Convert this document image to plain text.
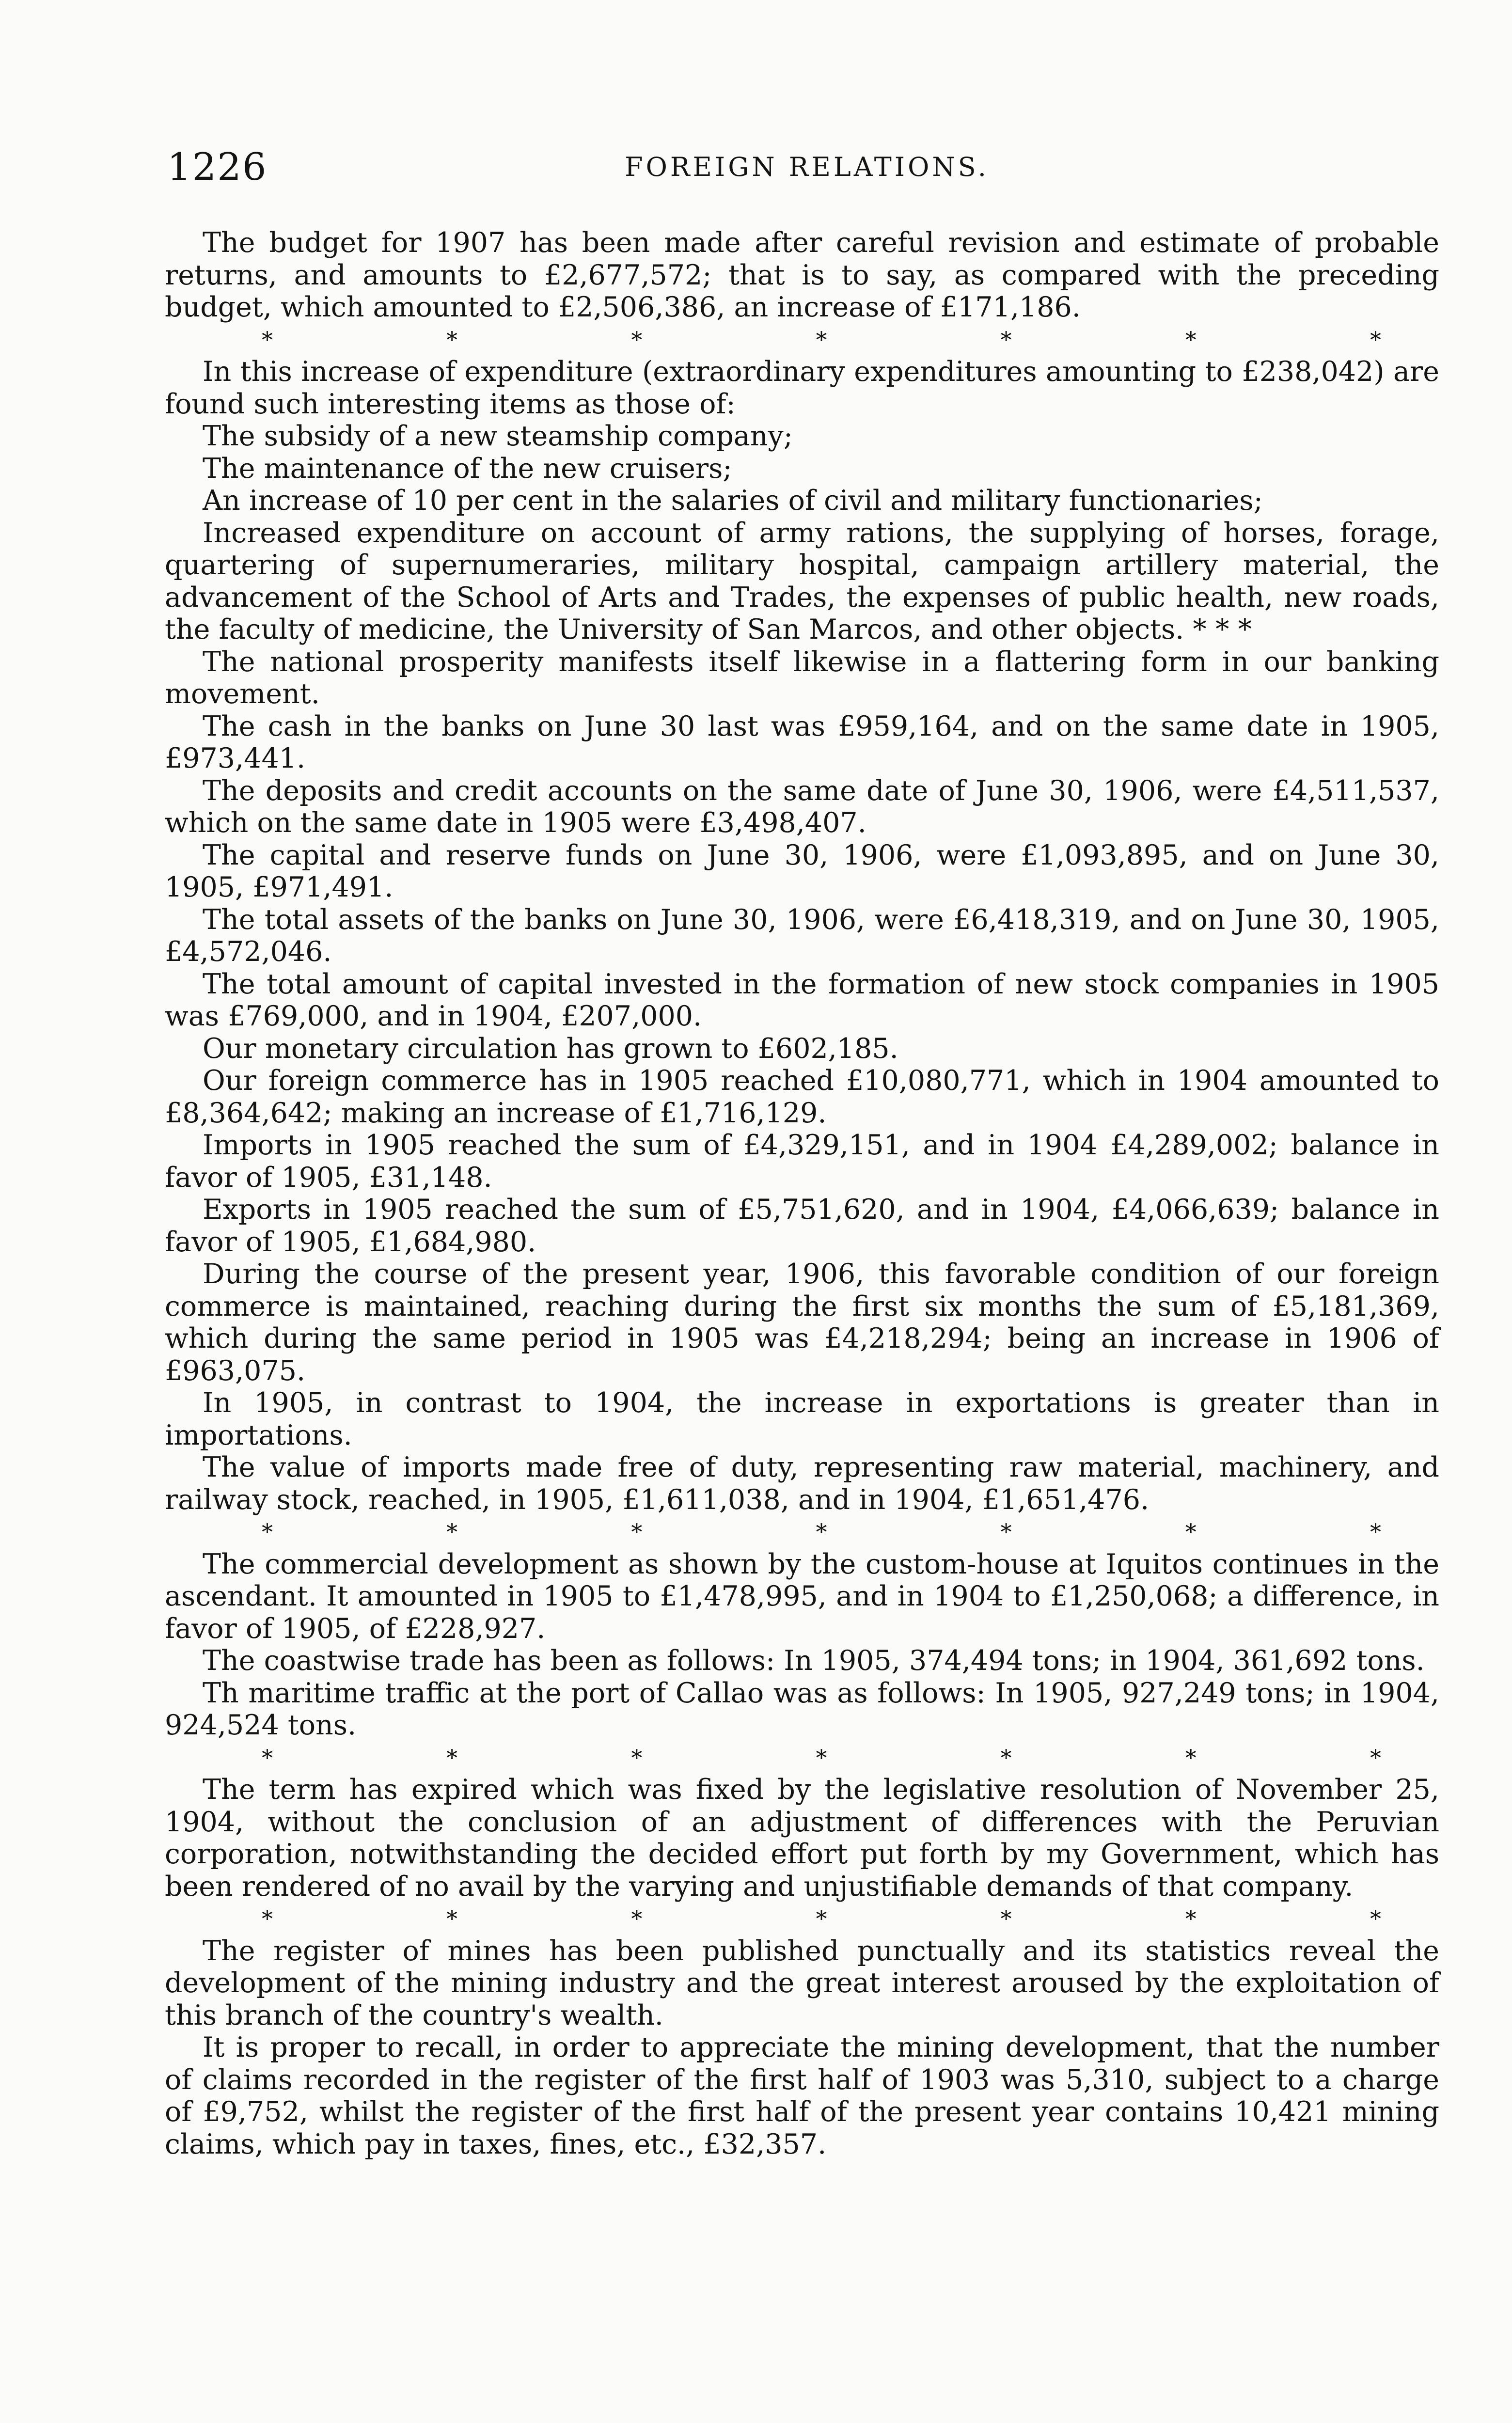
1226	FOREIGN RELATIONS.

The budget for 1907 has been made after careful revision and estimate of probable returns, and amounts to £2,677,572; that is to say, as compared with the preceding budget, which amounted to £2,506,386, an increase of £171,186.

*	*	*	*	*	*	*

In this increase of expenditure (extraordinary expenditures amounting to £238,042) are found such interesting items as those of:

The subsidy of a new steamship company;

The maintenance of the new cruisers;

An increase of 10 per cent in the salaries of civil and military functionaries;

Increased expenditure on account of army rations, the supplying of horses, forage, quartering of supernumeraries, military hospital, campaign artillery material, the advancement of the School of Arts and Trades, the expenses of public health, new roads, the faculty of medicine, the University of San Marcos, and other objects. * * *

The national prosperity manifests itself likewise in a flattering form in our banking movement.

The cash in the banks on June 30 last was £959,164, and on the same date in 1905, £973,441.

The deposits and credit accounts on the same date of June 30, 1906, were £4,511,537, which on the same date in 1905 were £3,498,407.

The capital and reserve funds on June 30, 1906, were £1,093,895, and on June 30, 1905, £971,491.

The total assets of the banks on June 30, 1906, were £6,418,319, and on June 30, 1905, £4,572,046.

The total amount of capital invested in the formation of new stock companies in 1905 was £769,000, and in 1904, £207,000.

Our monetary circulation has grown to £602,185.

Our foreign commerce has in 1905 reached £10,080,771, which in 1904 amounted to £8,364,642; making an increase of £1,716,129.

Imports in 1905 reached the sum of £4,329,151, and in 1904 £4,289,002; balance in favor of 1905, £31,148.

Exports in 1905 reached the sum of £5,751,620, and in 1904, £4,066,639; balance in favor of 1905, £1,684,980.

During the course of the present year, 1906, this favorable condition of our foreign commerce is maintained, reaching during the first six months the sum of £5,181,369, which during the same period in 1905 was £4,218,294; being an increase in 1906 of £963,075.

In 1905, in contrast to 1904, the increase in exportations is greater than in importations.

The value of imports made free of duty, representing raw material, machinery, and railway stock, reached, in 1905, £1,611,038, and in 1904, £1,651,476.

*	*	*	*	*	*	*

The commercial development as shown by the custom-house at Iquitos continues in the ascendant. It amounted in 1905 to £1,478,995, and in 1904 to £1,250,068; a difference, in favor of 1905, of £228,927.

The coastwise trade has been as follows: In 1905, 374,494 tons; in 1904, 361,692 tons.

Th maritime traffic at the port of Callao was as follows: In 1905, 927,249 tons; in 1904, 924,524 tons.

*	*	*	*	*	*	*

The term has expired which was fixed by the legislative resolution of November 25, 1904, without the conclusion of an adjustment of differences with the Peruvian corporation, notwithstanding the decided effort put forth by my Government, which has been rendered of no avail by the varying and unjustifiable demands of that company.

*	*	*	*	*	*	*

The register of mines has been published punctually and its statistics reveal the development of the mining industry and the great interest aroused by the exploitation of this branch of the country's wealth.

It is proper to recall, in order to appreciate the mining development, that the number of claims recorded in the register of the first half of 1903 was 5,310, subject to a charge of £9,752, whilst the register of the first half of the present year contains 10,421 mining claims, which pay in taxes, fines, etc., £32,357.
